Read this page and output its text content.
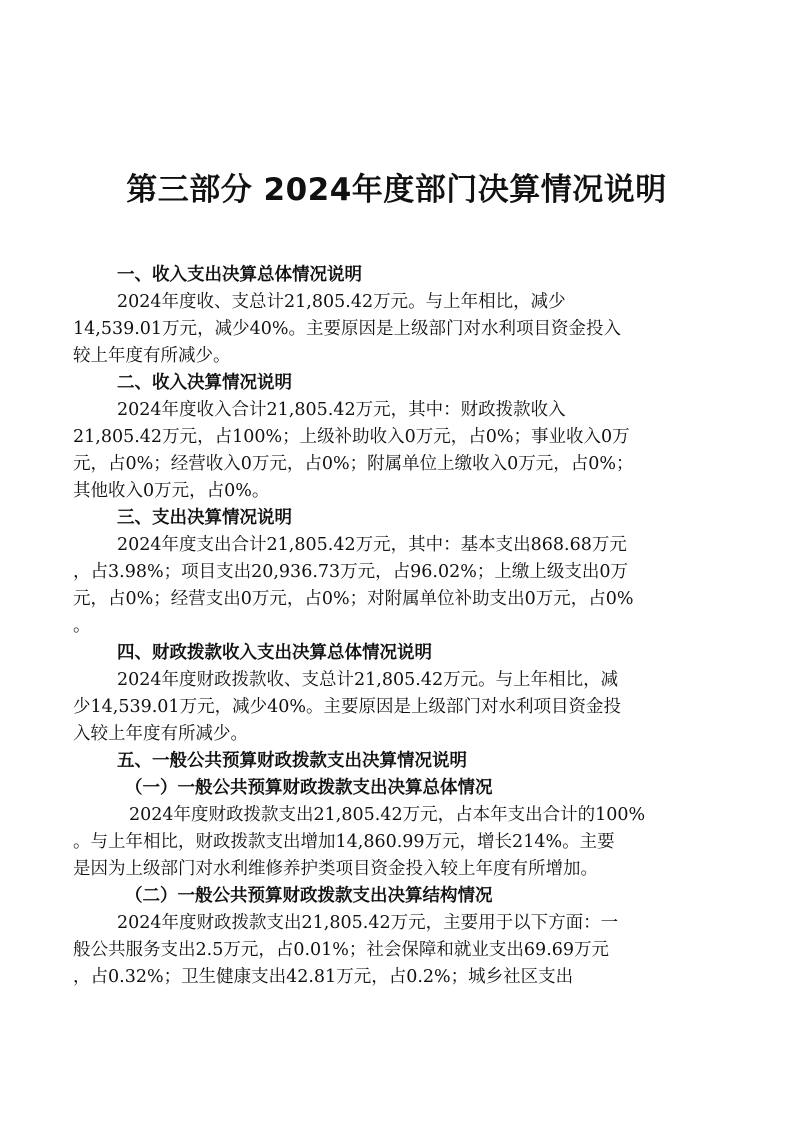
第三部分 2024年度部门决算情况说明
一、收入支出决算总体情况说明
2024年度收、支总计21,805.42万元。与上年相比，减少
14,539.01万元，减少40%。主要原因是上级部门对水利项目资金投入
较上年度有所减少。
二、收入决算情况说明
2024年度收入合计21,805.42万元，其中：财政拨款收入
21,805.42万元，占100%；上级补助收入0万元，占0%；事业收入0万
元，占0%；经营收入0万元，占0%；附属单位上缴收入0万元，占0%；
其他收入0万元，占0%。
三、支出决算情况说明
2024年度支出合计21,805.42万元，其中：基本支出868.68万元
，占3.98%；项目支出20,936.73万元，占96.02%；上缴上级支出0万
元，占0%；经营支出0万元，占0%；对附属单位补助支出0万元，占0%
。
四、财政拨款收入支出决算总体情况说明
2024年度财政拨款收、支总计21,805.42万元。与上年相比，减
少14,539.01万元，减少40%。主要原因是上级部门对水利项目资金投
入较上年度有所减少。
五、一般公共预算财政拨款支出决算情况说明
（一）一般公共预算财政拨款支出决算总体情况
2024年度财政拨款支出21,805.42万元，占本年支出合计的100%
。与上年相比，财政拨款支出增加14,860.99万元，增长214%。主要
是因为上级部门对水利维修养护类项目资金投入较上年度有所增加。
（二）一般公共预算财政拨款支出决算结构情况
2024年度财政拨款支出21,805.42万元，主要用于以下方面：一
般公共服务支出2.5万元，占0.01%；社会保障和就业支出69.69万元
，占0.32%；卫生健康支出42.81万元，占0.2%；城乡社区支出
